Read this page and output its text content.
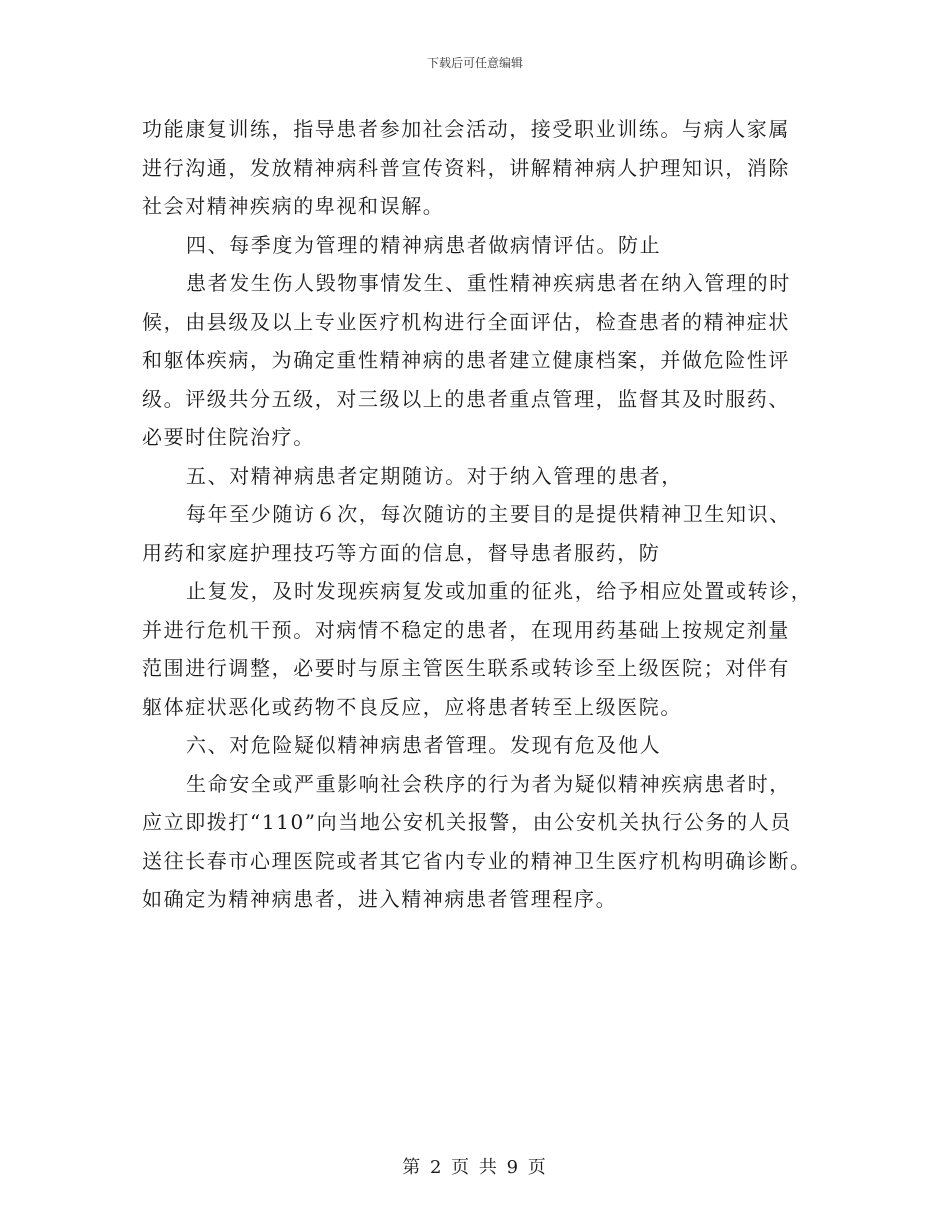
下载后可任意编辑
功能康复训练，指导患者参加社会活动，接受职业训练。与病人家属
进行沟通，发放精神病科普宣传资料，讲解精神病人护理知识，消除
社会对精神疾病的卑视和误解。
四、每季度为管理的精神病患者做病情评估。防止
患者发生伤人毁物事情发生、重性精神疾病患者在纳入管理的时
候，由县级及以上专业医疗机构进行全面评估，检查患者的精神症状
和躯体疾病，为确定重性精神病的患者建立健康档案，并做危险性评
级。评级共分五级，对三级以上的患者重点管理，监督其及时服药、
必要时住院治疗。
五、对精神病患者定期随访。对于纳入管理的患者，
每年至少随访６次，每次随访的主要目的是提供精神卫生知识、
用药和家庭护理技巧等方面的信息，督导患者服药，防
止复发，及时发现疾病复发或加重的征兆，给予相应处置或转诊，
并进行危机干预。对病情不稳定的患者，在现用药基础上按规定剂量
范围进行调整，必要时与原主管医生联系或转诊至上级医院；对伴有
躯体症状恶化或药物不良反应，应将患者转至上级医院。
六、对危险疑似精神病患者管理。发现有危及他人
生命安全或严重影响社会秩序的行为者为疑似精神疾病患者时，
应立即拨打“110”向当地公安机关报警，由公安机关执行公务的人员
送往长春市心理医院或者其它省内专业的精神卫生医疗机构明确诊断。
如确定为精神病患者，进入精神病患者管理程序。
第 2 页 共 9 页
